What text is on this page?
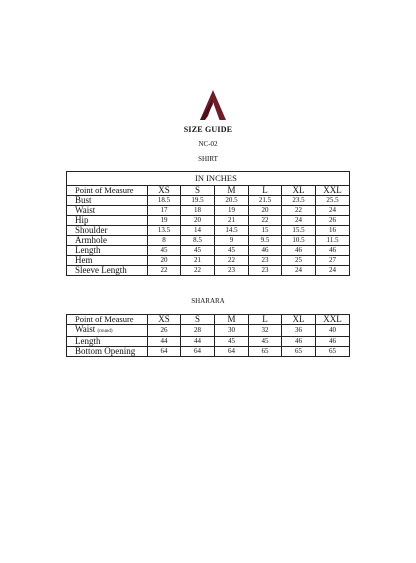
SIZE GUIDE
NC-02
SHIRT
IN INCHES						
Point of Measure	XS	S	M	L	XL	XXL
Bust	18.5	19.5	20.5	21.5	23.5	25.5
Waist	17	18	19	20	22	24
Hip	19	20	21	22	24	26
Shoulder	13.5	14	14.5	15	15.5	16
Armhole	8	8.5	9	9.5	10.5	11.5
Length	45	45	45	46	46	46
Hem	20	21	22	23	25	27
Sleeve Length	22	22	23	23	24	24
SHARARA
Point of Measure	XS	S	M	L	XL	XXL
Waist (round)	26	28	30	32	36	40
Length	44	44	45	45	46	46
Bottom Opening	64	64	64	65	65	65
